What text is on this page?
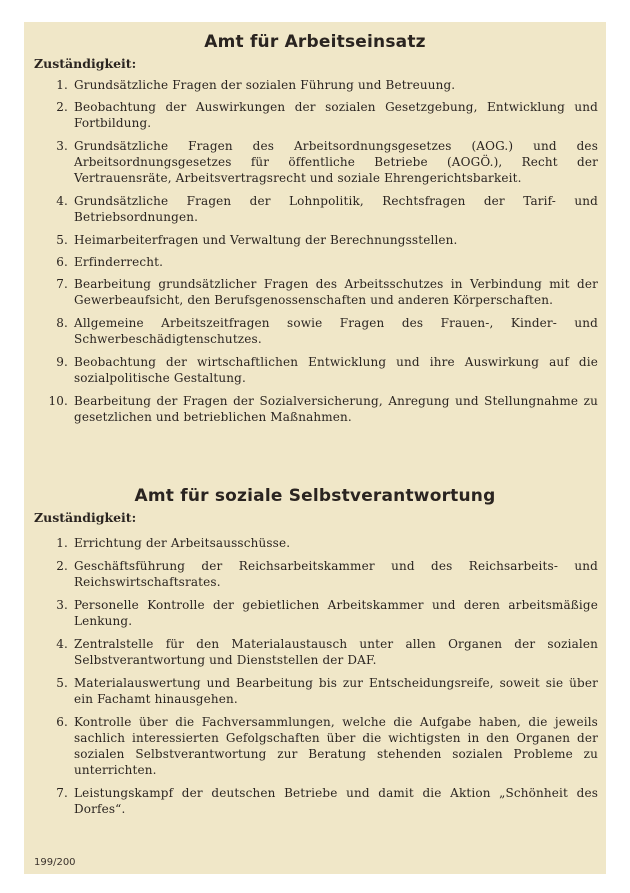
Amt für Arbeitseinsatz
Zuständigkeit:
1. Grundsätzliche Fragen der sozialen Führung und Betreuung.
2. Beobachtung der Auswirkungen der sozialen Gesetzgebung, Entwicklung und Fortbildung.
3. Grundsätzliche Fragen des Arbeitsordnungsgesetzes (AOG.) und des Arbeitsordnungsgesetzes für öffentliche Betriebe (AOGÖ.), Recht der Vertrauensräte, Arbeitsvertragsrecht und soziale Ehrengerichtsbarkeit.
4. Grundsätzliche Fragen der Lohnpolitik, Rechtsfragen der Tarif- und Betriebsordnungen.
5. Heimarbeiterfragen und Verwaltung der Berechnungsstellen.
6. Erfinderrecht.
7. Bearbeitung grundsätzlicher Fragen des Arbeitsschutzes in Verbindung mit der Gewerbeaufsicht, den Berufsgenossenschaften und anderen Körperschaften.
8. Allgemeine Arbeitszeitfragen sowie Fragen des Frauen-, Kinder- und Schwerbeschädigtenschutzes.
9. Beobachtung der wirtschaftlichen Entwicklung und ihre Auswirkung auf die sozialpolitische Gestaltung.
10. Bearbeitung der Fragen der Sozialversicherung, Anregung und Stellungnahme zu gesetzlichen und betrieblichen Maßnahmen.
Amt für soziale Selbstverantwortung
Zuständigkeit:
1. Errichtung der Arbeitsausschüsse.
2. Geschäftsführung der Reichsarbeitskammer und des Reichsarbeits- und Reichswirtschaftsrates.
3. Personelle Kontrolle der gebietlichen Arbeitskammer und deren arbeitsmäßige Lenkung.
4. Zentralstelle für den Materialaustausch unter allen Organen der sozialen Selbstverantwortung und Dienststellen der DAF.
5. Materialauswertung und Bearbeitung bis zur Entscheidungsreife, soweit sie über ein Fachamt hinausgehen.
6. Kontrolle über die Fachversammlungen, welche die Aufgabe haben, die jeweils sachlich interessierten Gefolgschaften über die wichtigsten in den Organen der sozialen Selbstverantwortung zur Beratung stehenden sozialen Probleme zu unterrichten.
7. Leistungskampf der deutschen Betriebe und damit die Aktion „Schönheit des Dorfes“.
199/200
